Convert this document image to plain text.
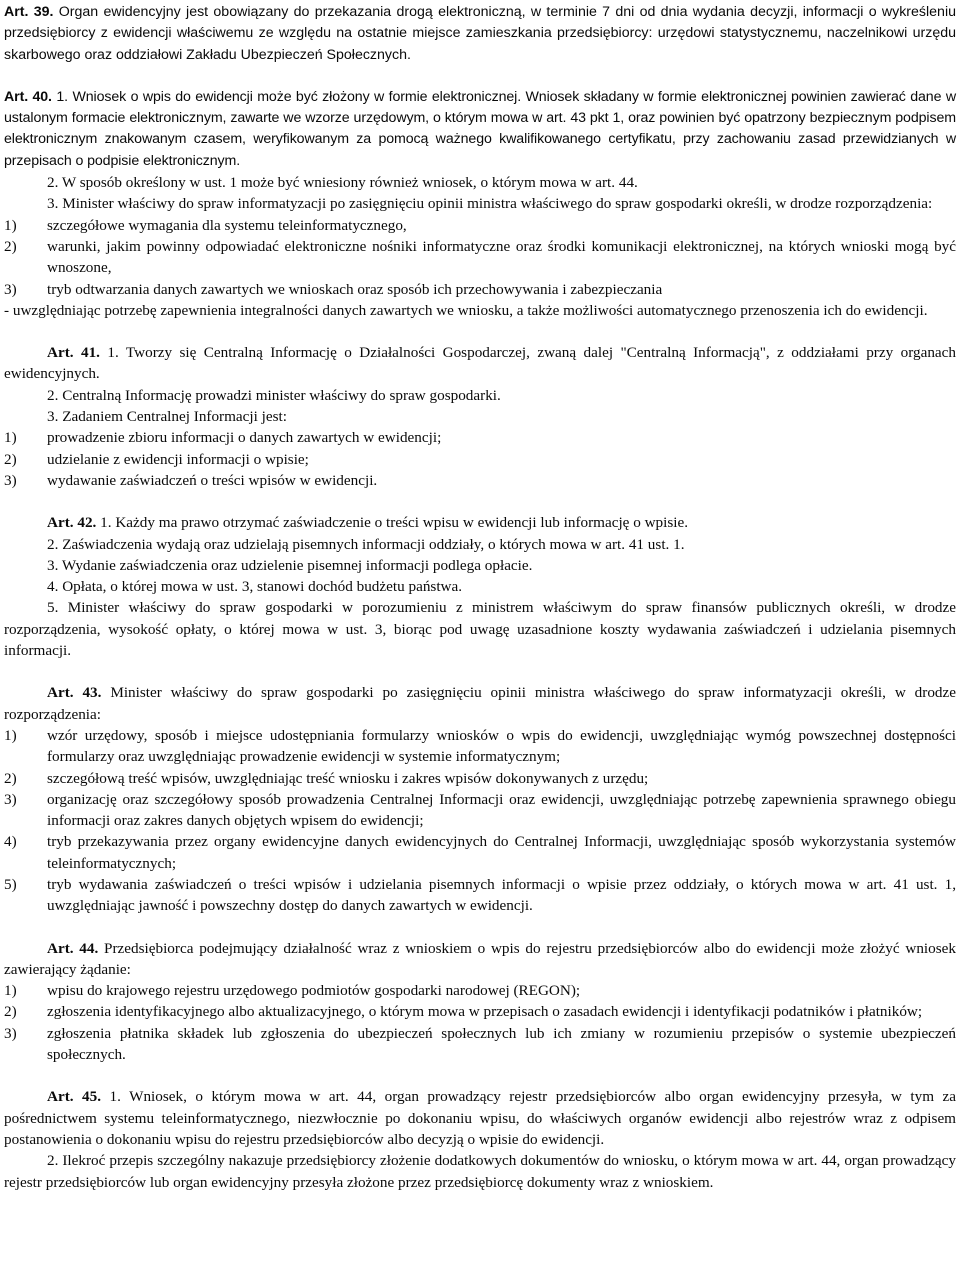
Art. 39. Organ ewidencyjny jest obowiązany do przekazania drogą elektroniczną, w terminie 7 dni od dnia wydania decyzji, informacji o wykreśleniu przedsiębiorcy z ewidencji właściwemu ze względu na ostatnie miejsce zamieszkania przedsiębiorcy: urzędowi statystycznemu, naczelnikowi urzędu skarbowego oraz oddziałowi Zakładu Ubezpieczeń Społecznych.

Art. 40. 1. Wniosek o wpis do ewidencji może być złożony w formie elektronicznej. Wniosek składany w formie elektronicznej powinien zawierać dane w ustalonym formacie elektronicznym, zawarte we wzorze urzędowym, o którym mowa w art. 43 pkt 1, oraz powinien być opatrzony bezpiecznym podpisem elektronicznym znakowanym czasem, weryfikowanym za pomocą ważnego kwalifikowanego certyfikatu, przy zachowaniu zasad przewidzianych w przepisach o podpisie elektronicznym.

2. W sposób określony w ust. 1 może być wniesiony również wniosek, o którym mowa w art. 44.

3. Minister właściwy do spraw informatyzacji po zasięgnięciu opinii ministra właściwego do spraw gospodarki określi, w drodze rozporządzenia:

1) szczegółowe wymagania dla systemu teleinformatycznego,

2) warunki, jakim powinny odpowiadać elektroniczne nośniki informatyczne oraz środki komunikacji elektronicznej, na których wnioski mogą być wnoszone,

3) tryb odtwarzania danych zawartych we wnioskach oraz sposób ich przechowywania i zabezpieczania

- uwzględniając potrzebę zapewnienia integralności danych zawartych we wniosku, a także możliwości automatycznego przenoszenia ich do ewidencji.

Art. 41. 1. Tworzy się Centralną Informację o Działalności Gospodarczej, zwaną dalej "Centralną Informacją", z oddziałami przy organach ewidencyjnych.

2. Centralną Informację prowadzi minister właściwy do spraw gospodarki.

3. Zadaniem Centralnej Informacji jest:

1) prowadzenie zbioru informacji o danych zawartych w ewidencji;

2) udzielanie z ewidencji informacji o wpisie;

3) wydawanie zaświadczeń o treści wpisów w ewidencji.

Art. 42. 1. Każdy ma prawo otrzymać zaświadczenie o treści wpisu w ewidencji lub informację o wpisie.

2. Zaświadczenia wydają oraz udzielają pisemnych informacji oddziały, o których mowa w art. 41 ust. 1.

3. Wydanie zaświadczenia oraz udzielenie pisemnej informacji podlega opłacie.

4. Opłata, o której mowa w ust. 3, stanowi dochód budżetu państwa.

5. Minister właściwy do spraw gospodarki w porozumieniu z ministrem właściwym do spraw finansów publicznych określi, w drodze rozporządzenia, wysokość opłaty, o której mowa w ust. 3, biorąc pod uwagę uzasadnione koszty wydawania zaświadczeń i udzielania pisemnych informacji.

Art. 43. Minister właściwy do spraw gospodarki po zasięgnięciu opinii ministra właściwego do spraw informatyzacji określi, w drodze rozporządzenia:

1) wzór urzędowy, sposób i miejsce udostępniania formularzy wniosków o wpis do ewidencji, uwzględniając wymóg powszechnej dostępności formularzy oraz uwzględniając prowadzenie ewidencji w systemie informatycznym;

2) szczegółową treść wpisów, uwzględniając treść wniosku i zakres wpisów dokonywanych z urzędu;

3) organizację oraz szczegółowy sposób prowadzenia Centralnej Informacji oraz ewidencji, uwzględniając potrzebę zapewnienia sprawnego obiegu informacji oraz zakres danych objętych wpisem do ewidencji;

4) tryb przekazywania przez organy ewidencyjne danych ewidencyjnych do Centralnej Informacji, uwzględniając sposób wykorzystania systemów teleinformatycznych;

5) tryb wydawania zaświadczeń o treści wpisów i udzielania pisemnych informacji o wpisie przez oddziały, o których mowa w art. 41 ust. 1, uwzględniając jawność i powszechny dostęp do danych zawartych w ewidencji.

Art. 44. Przedsiębiorca podejmujący działalność wraz z wnioskiem o wpis do rejestru przedsiębiorców albo do ewidencji może złożyć wniosek zawierający żądanie:

1) wpisu do krajowego rejestru urzędowego podmiotów gospodarki narodowej (REGON);

2) zgłoszenia identyfikacyjnego albo aktualizacyjnego, o którym mowa w przepisach o zasadach ewidencji i identyfikacji podatników i płatników;

3) zgłoszenia płatnika składek lub zgłoszenia do ubezpieczeń społecznych lub ich zmiany w rozumieniu przepisów o systemie ubezpieczeń społecznych.

Art. 45. 1. Wniosek, o którym mowa w art. 44, organ prowadzący rejestr przedsiębiorców albo organ ewidencyjny przesyła, w tym za pośrednictwem systemu teleinformatycznego, niezwłocznie po dokonaniu wpisu, do właściwych organów ewidencji albo rejestrów wraz z odpisem postanowienia o dokonaniu wpisu do rejestru przedsiębiorców albo decyzją o wpisie do ewidencji.

2. Ilekroć przepis szczególny nakazuje przedsiębiorcy złożenie dodatkowych dokumentów do wniosku, o którym mowa w art. 44, organ prowadzący rejestr przedsiębiorców lub organ ewidencyjny przesyła złożone przez przedsiębiorcę dokumenty wraz z wnioskiem.
